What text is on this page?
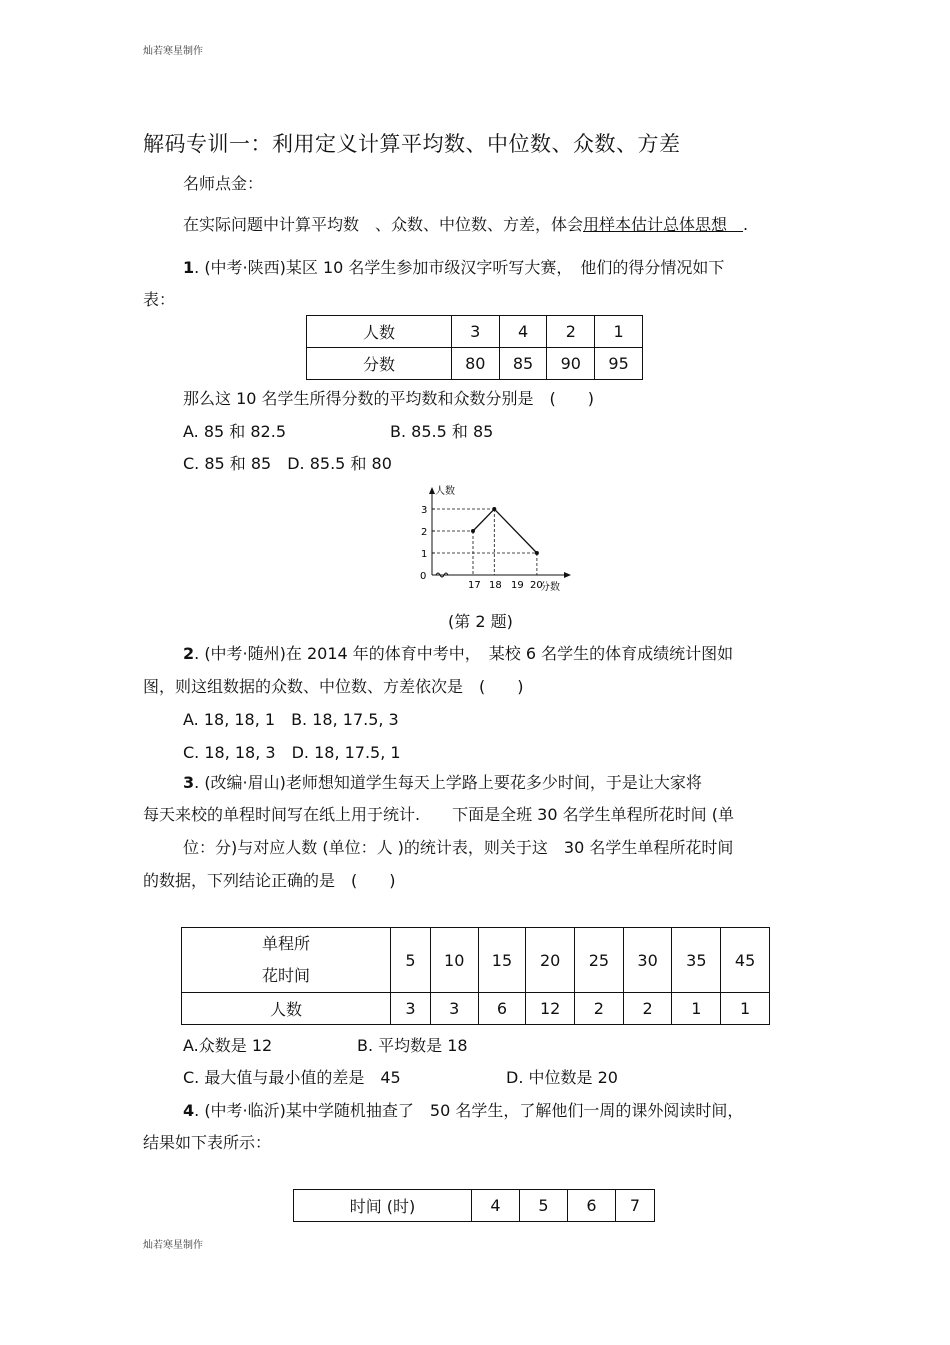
灿若寒星制作
解码专训一：利用定义计算平均数、中位数、众数、方差
名师点金：
在实际问题中计算平均数　、众数、中位数、方差，体会用样本估计总体思想　.
1. (中考·陕西)某区 10 名学生参加市级汉字听写大赛，　他们的得分情况如下
表：
人数	3	4	2	1
分数	80	85	90	95
那么这 10 名学生所得分数的平均数和众数分别是　(　　)
A. 85 和 82.5	B. 85.5 和 85
C. 85 和 85　D. 85.5 和 80
人数
分数
0
1
2
3
17 18 19 20
(第 2 题)
2. (中考·随州)在 2014 年的体育中考中，　某校 6 名学生的体育成绩统计图如
图，则这组数据的众数、中位数、方差依次是　(　　)
A. 18, 18, 1　B. 18, 17.5, 3
C. 18, 18, 3　D. 18, 17.5, 1
3. (改编·眉山)老师想知道学生每天上学路上要花多少时间，于是让大家将
每天来校的单程时间写在纸上用于统计.　　下面是全班 30 名学生单程所花时间 (单
位：分)与对应人数 (单位：人 )的统计表，则关于这　30 名学生单程所花时间
的数据，下列结论正确的是　(　　)
单程所
花时间	5	10	15	20	25	30	35	45
人数	3	3	6	12	2	2	1	1
A.众数是 12	B. 平均数是 18
C. 最大值与最小值的差是　45	D. 中位数是 20
4. (中考·临沂)某中学随机抽查了　50 名学生，了解他们一周的课外阅读时间，
结果如下表所示：
时间 (时)	4	5	6	7
灿若寒星制作
